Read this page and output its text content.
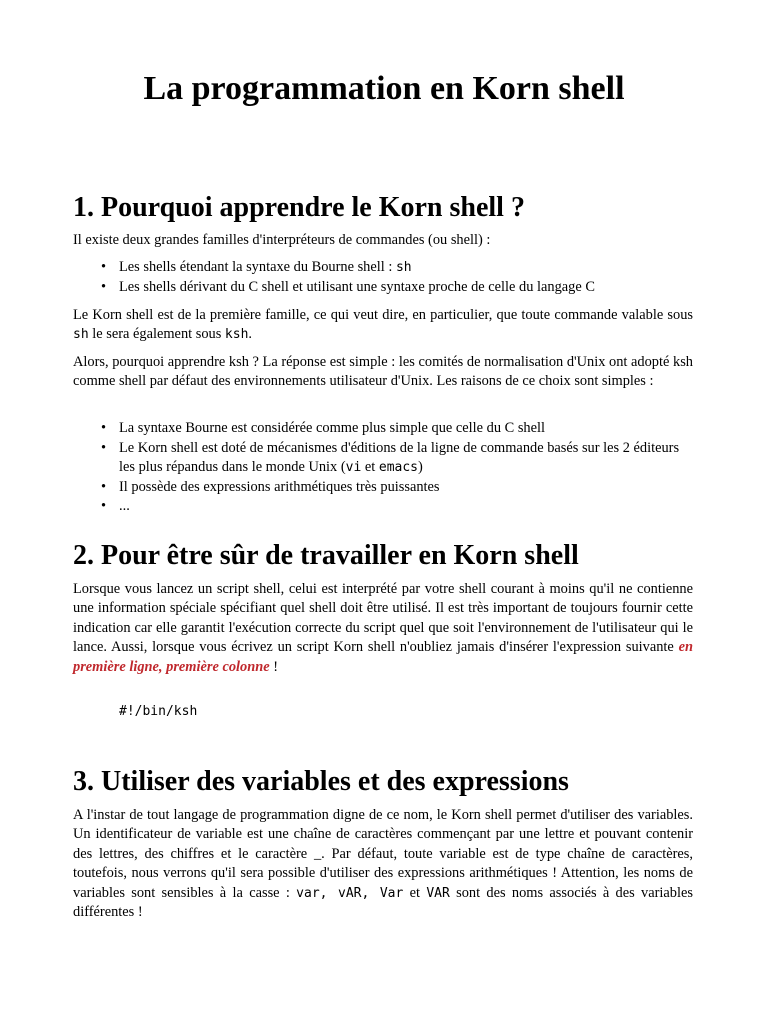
La programmation en Korn shell
1. Pourquoi apprendre le Korn shell ?

Il existe deux grandes familles d'interpréteurs de commandes (ou shell) :

• Les shells étendant la syntaxe du Bourne shell : sh
• Les shells dérivant du C shell et utilisant une syntaxe proche de celle du langage C

Le Korn shell est de la première famille, ce qui veut dire, en particulier, que toute commande valable sous sh le sera également sous ksh.

Alors, pourquoi apprendre ksh ? La réponse est simple : les comités de normalisation d'Unix ont adopté ksh comme shell par défaut des environnements utilisateur d'Unix. Les raisons de ce choix sont simples :

• La syntaxe Bourne est considérée comme plus simple que celle du C shell
• Le Korn shell est doté de mécanismes d'éditions de la ligne de commande basés sur les 2 éditeurs les plus répandus dans le monde Unix (vi et emacs)
• Il possède des expressions arithmétiques très puissantes
• ...
2. Pour être sûr de travailler en Korn shell

Lorsque vous lancez un script shell, celui est interprété par votre shell courant à moins qu'il ne contienne une information spéciale spécifiant quel shell doit être utilisé. Il est très important de toujours fournir cette indication car elle garantit l'exécution correcte du script quel que soit l'environnement de l'utilisateur qui le lance. Aussi, lorsque vous écrivez un script Korn shell n'oubliez jamais d'insérer l'expression suivante en première ligne, première colonne !

#!/bin/ksh
3. Utiliser des variables et des expressions

A l'instar de tout langage de programmation digne de ce nom, le Korn shell permet d'utiliser des variables. Un identificateur de variable est une chaîne de caractères commençant par une lettre et pouvant contenir des lettres, des chiffres et le caractère _. Par défaut, toute variable est de type chaîne de caractères, toutefois, nous verrons qu'il sera possible d'utiliser des expressions arithmétiques ! Attention, les noms de variables sont sensibles à la casse : var, vAR, Var et VAR sont des noms associés à des variables différentes !
